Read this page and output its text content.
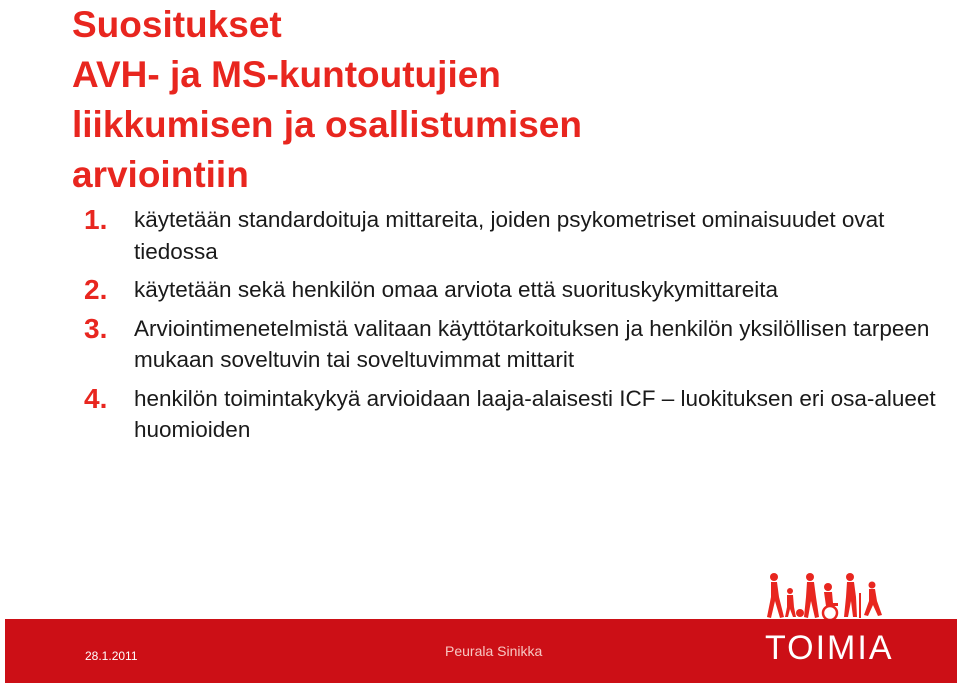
Suositukset
AVH- ja MS-kuntoutujien
liikkumisen ja osallistumisen
arviointiin
1. käytetään standardoituja mittareita, joiden psykometriset ominaisuudet ovat tiedossa
2. käytetään sekä henkilön omaa arviota että suorituskykymittareita
3. Arviointimenetelmistä valitaan käyttötarkoituksen ja henkilön yksilöllisen tarpeen mukaan soveltuvin tai soveltuvimmat mittarit
4. henkilön toimintakykyä arvioidaan laaja-alaisesti ICF – luokituksen eri osa-alueet huomioiden
28.1.2011	Peurala Sinikka	TOIMIA
